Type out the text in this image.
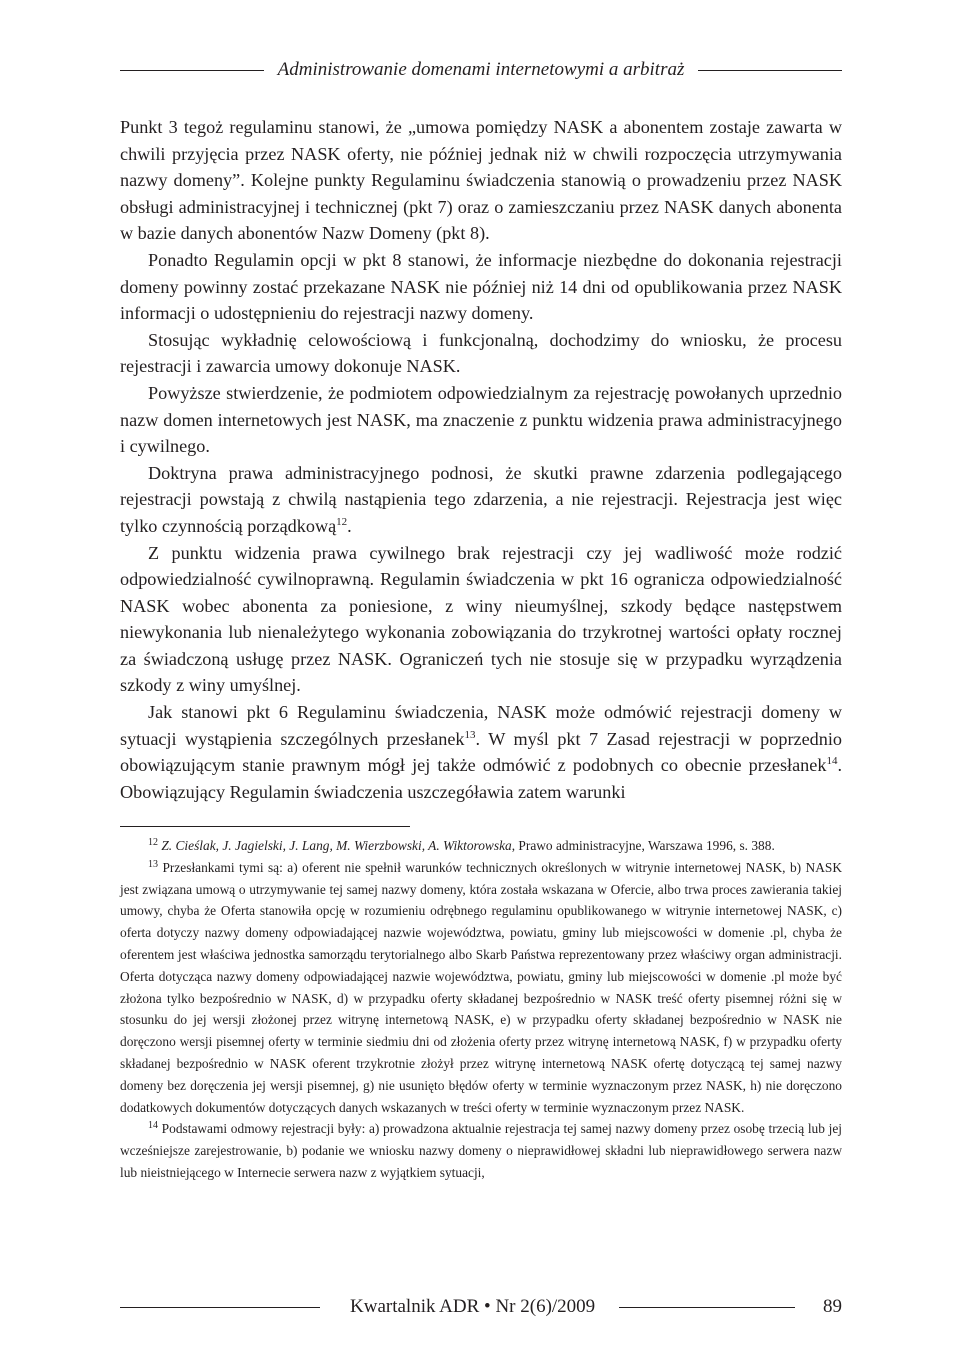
Administrowanie domenami internetowymi a arbitraż

Punkt 3 tegoż regulaminu stanowi, że „umowa pomiędzy NASK a abonentem zostaje zawarta w chwili przyjęcia przez NASK oferty, nie później jednak niż w chwili rozpoczęcia utrzymywania nazwy domeny”. Kolejne punkty Regulaminu świadczenia stanowią o prowadzeniu przez NASK obsługi administracyjnej i technicznej (pkt 7) oraz o zamieszczaniu przez NASK danych abonenta w bazie danych abonentów Nazw Domeny (pkt 8).

Ponadto Regulamin opcji w pkt 8 stanowi, że informacje niezbędne do dokonania rejestracji domeny powinny zostać przekazane NASK nie później niż 14 dni od opublikowania przez NASK informacji o udostępnieniu do rejestracji nazwy domeny.

Stosując wykładnię celowościową i funkcjonalną, dochodzimy do wniosku, że procesu rejestracji i zawarcia umowy dokonuje NASK.

Powyższe stwierdzenie, że podmiotem odpowiedzialnym za rejestrację powołanych uprzednio nazw domen internetowych jest NASK, ma znaczenie z punktu widzenia prawa administracyjnego i cywilnego.

Doktryna prawa administracyjnego podnosi, że skutki prawne zdarzenia podlegającego rejestracji powstają z chwilą nastąpienia tego zdarzenia, a nie rejestracji. Rejestracja jest więc tylko czynnością porządkową$^{12}$.

Z punktu widzenia prawa cywilnego brak rejestracji czy jej wadliwość może rodzić odpowiedzialność cywilnoprawną. Regulamin świadczenia w pkt 16 ogranicza odpowiedzialność NASK wobec abonenta za poniesione, z winy nieumyślnej, szkody będące następstwem niewykonania lub nienależytego wykonania zobowiązania do trzykrotnej wartości opłaty rocznej za świadczoną usługę przez NASK. Ograniczeń tych nie stosuje się w przypadku wyrządzenia szkody z winy umyślnej.

Jak stanowi pkt 6 Regulaminu świadczenia, NASK może odmówić rejestracji domeny w sytuacji wystąpienia szczególnych przesłanek$^{13}$. W myśl pkt 7 Zasad rejestracji w poprzednio obowiązującym stanie prawnym mógł jej także odmówić z podobnych co obecnie przesłanek$^{14}$. Obowiązujący Regulamin świadczenia uszczegóławia zatem warunki

$^{12}$ Z. Cieślak, J. Jagielski, J. Lang, M. Wierzbowski, A. Wiktorowska, Prawo administracyjne, Warszawa 1996, s. 388.

$^{13}$ Przesłankami tymi są: a) oferent nie spełnił warunków technicznych określonych w witrynie internetowej NASK, b) NASK jest związana umową o utrzymywanie tej samej nazwy domeny, która została wskazana w Ofercie, albo trwa proces zawierania takiej umowy, chyba że Oferta stanowiła opcję w rozumieniu odrębnego regulaminu opublikowanego w witrynie internetowej NASK, c) oferta dotyczy nazwy domeny odpowiadającej nazwie województwa, powiatu, gminy lub miejscowości w domenie .pl, chyba że oferentem jest właściwa jednostka samorządu terytorialnego albo Skarb Państwa reprezentowany przez właściwy organ administracji. Oferta dotycząca nazwy domeny odpowiadającej nazwie województwa, powiatu, gminy lub miejscowości w domenie .pl może być złożona tylko bezpośrednio w NASK, d) w przypadku oferty składanej bezpośrednio w NASK treść oferty pisemnej różni się w stosunku do jej wersji złożonej przez witrynę internetową NASK, e) w przypadku oferty składanej bezpośrednio w NASK nie doręczono wersji pisemnej oferty w terminie siedmiu dni od złożenia oferty przez witrynę internetową NASK, f) w przypadku oferty składanej bezpośrednio w NASK oferent trzykrotnie złożył przez witrynę internetową NASK ofertę dotyczącą tej samej nazwy domeny bez doręczenia jej wersji pisemnej, g) nie usunięto błędów oferty w terminie wyznaczonym przez NASK, h) nie doręczono dodatkowych dokumentów dotyczących danych wskazanych w treści oferty w terminie wyznaczonym przez NASK.

$^{14}$ Podstawami odmowy rejestracji były: a) prowadzona aktualnie rejestracja tej samej nazwy domeny przez osobę trzecią lub jej wcześniejsze zarejestrowanie, b) podanie we wniosku nazwy domeny o nieprawidłowej składni lub nieprawidłowego serwera nazw lub nieistniejącego w Internecie serwera nazw z wyjątkiem sytuacji,

Kwartalnik ADR • Nr 2(6)/2009	89
